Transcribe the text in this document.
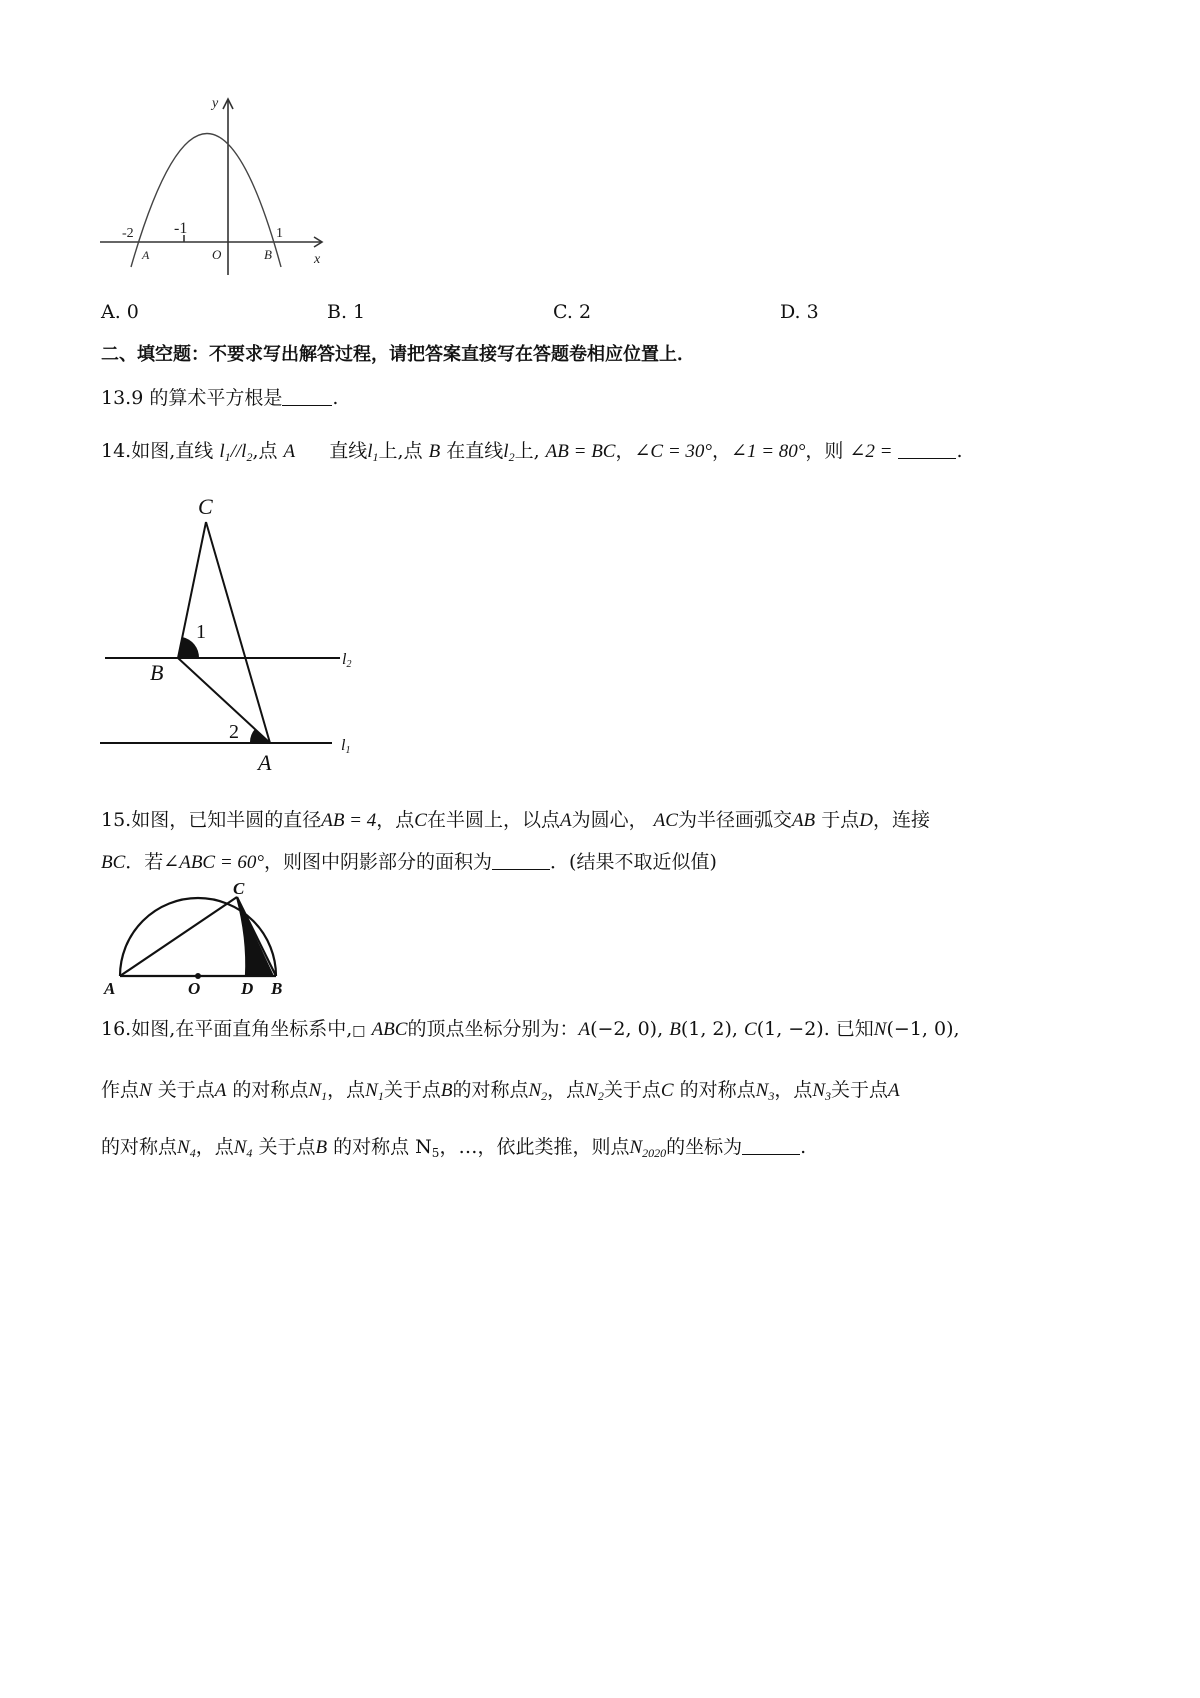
y
x
-2	-1	1
A	O	B
A. 0	B. 1	C. 2	D. 3
二、填空题：不要求写出解答过程，请把答案直接写在答题卷相应位置上．
13.9 的算术平方根是	.
14.如图,直线 $l_1//l_2$,点 A 直线$l_1$上,点 B 在直线$l_2$上, AB = BC，∠C = 30°，∠1 = 80°，则 ∠2 =	.
C
B
A
1
2
l2
l1
15.如图，已知半圆的直径AB = 4，点C在半圆上，以点A为圆心， AC为半径画弧交AB 于点D，连接
BC．若∠ABC = 60°，则图中阴影部分的面积为	．(结果不取近似值)
A	O D B
C
16.如图,在平面直角坐标系中,□ ABC的顶点坐标分别为：A(−2, 0), B(1, 2), C(1, −2). 已知N(−1, 0),
作点N 关于点A 的对称点$N_1$，点$N_1$关于点B的对称点$N_2$，点$N_2$关于点C 的对称点$N_3$，点$N_3$关于点A
的对称点$N_4$，点$N_4$ 关于点B 的对称点 $N_5$，…，依此类推，则点$N_{2020}$的坐标为	.
